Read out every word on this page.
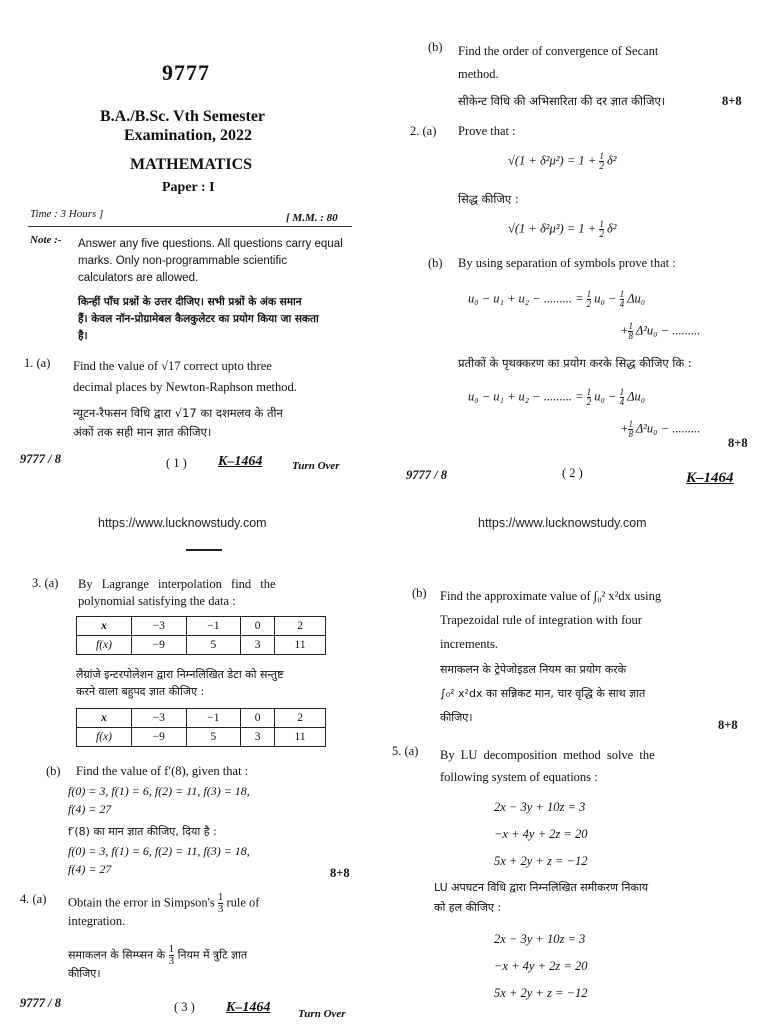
9777
B.A./B.Sc. Vth Semester
Examination, 2022
MATHEMATICS
Paper : I
Time : 3 Hours ]	[ M.M. : 80
Note :- Answer any five questions. All questions carry equal
marks. Only non-programmable scientific
calculators are allowed.
किन्हीं पाँच प्रश्नों के उत्तर दीजिए। सभी प्रश्नों के अंक समान
हैं। केवल नॉन-प्रोग्रामेबल कैलकुलेटर का प्रयोग किया जा सकता
है।
1. (a) Find the value of √17 correct upto three
decimal places by Newton-Raphson method.
न्यूटन-रैफसन विधि द्वारा √17 का दशमलव के तीन
अंकों तक सही मान ज्ञात कीजिए।
9777 / 8	( 1 ) K–1464	Turn Over
(b) Find the order of convergence of Secant
method.
सीकेन्ट विधि की अभिसारिता की दर ज्ञात कीजिए।	8+8
2. (a) Prove that :
$√(1 + \delta^2\mu^2) = 1 + \frac{1}{2} \delta^2$
सिद्ध कीजिए :
$√(1 + \delta^2\mu^2) = 1 + \frac{1}{2} \delta^2$
(b) By using separation of symbols prove that :
u₀ − u₁ + u₂ − ......... = $\frac{1}{2} u_0 - \frac{1}{4} \Delta u_0$
+ $\frac{1}{8} \Delta^2u_0$ − .........
प्रतीकों के पृथक्करण का प्रयोग करके सिद्ध कीजिए कि :
u₀ − u₁ + u₂ − ......... = $\frac{1}{2} u_0 - \frac{1}{4} \Delta u_0$
+ $\frac{1}{8} \Delta^2u_0$ − .........
8+8
9777 / 8	( 2 )	K–1464
https://www.lucknowstudy.com	https://www.lucknowstudy.com
3. (a) By Lagrange interpolation find the
polynomial satisfying the data :
x	−3	−1	0	2
f(x)	−9	5	3	11
लैग्रांजे इन्टरपोलेशन द्वारा निम्नलिखित डेटा को सन्तुष्ट
करने वाला बहुपद ज्ञात कीजिए :
x	−3	−1	0	2
f(x)	−9	5	3	11
(b) Find the value of f′(8), given that :
f(0) = 3, f(1) = 6, f(2) = 11, f(3) = 18,
f(4) = 27
f′(8) का मान ज्ञात कीजिए, दिया है :
f(0) = 3, f(1) = 6, f(2) = 11, f(3) = 18,
f(4) = 27	8+8
4. (a) Obtain the error in Simpson's $\frac{1}{3}$ rule of
integration.
समाकलन के सिम्प्सन के $\frac{1}{3}$ नियम में त्रुटि ज्ञात
कीजिए।
9777 / 8	( 3 ) K–1464	Turn Over
(b) Find the approximate value of ∫₀² x²dx using
Trapezoidal rule of integration with four
increments.
समाकलन के ट्रेपेजोइडल नियम का प्रयोग करके
∫₀² x²dx का सन्निकट मान, चार वृद्धि के साथ ज्ञात
कीजिए।
8+8
5. (a) By LU decomposition method solve the
following system of equations :
2x − 3y + 10z = 3
−x + 4y + 2z = 20
5x + 2y + z = −12
LU अपघटन विधि द्वारा निम्नलिखित समीकरण निकाय
को हल कीजिए :
2x − 3y + 10z = 3
−x + 4y + 2z = 20
5x + 2y + z = −12
